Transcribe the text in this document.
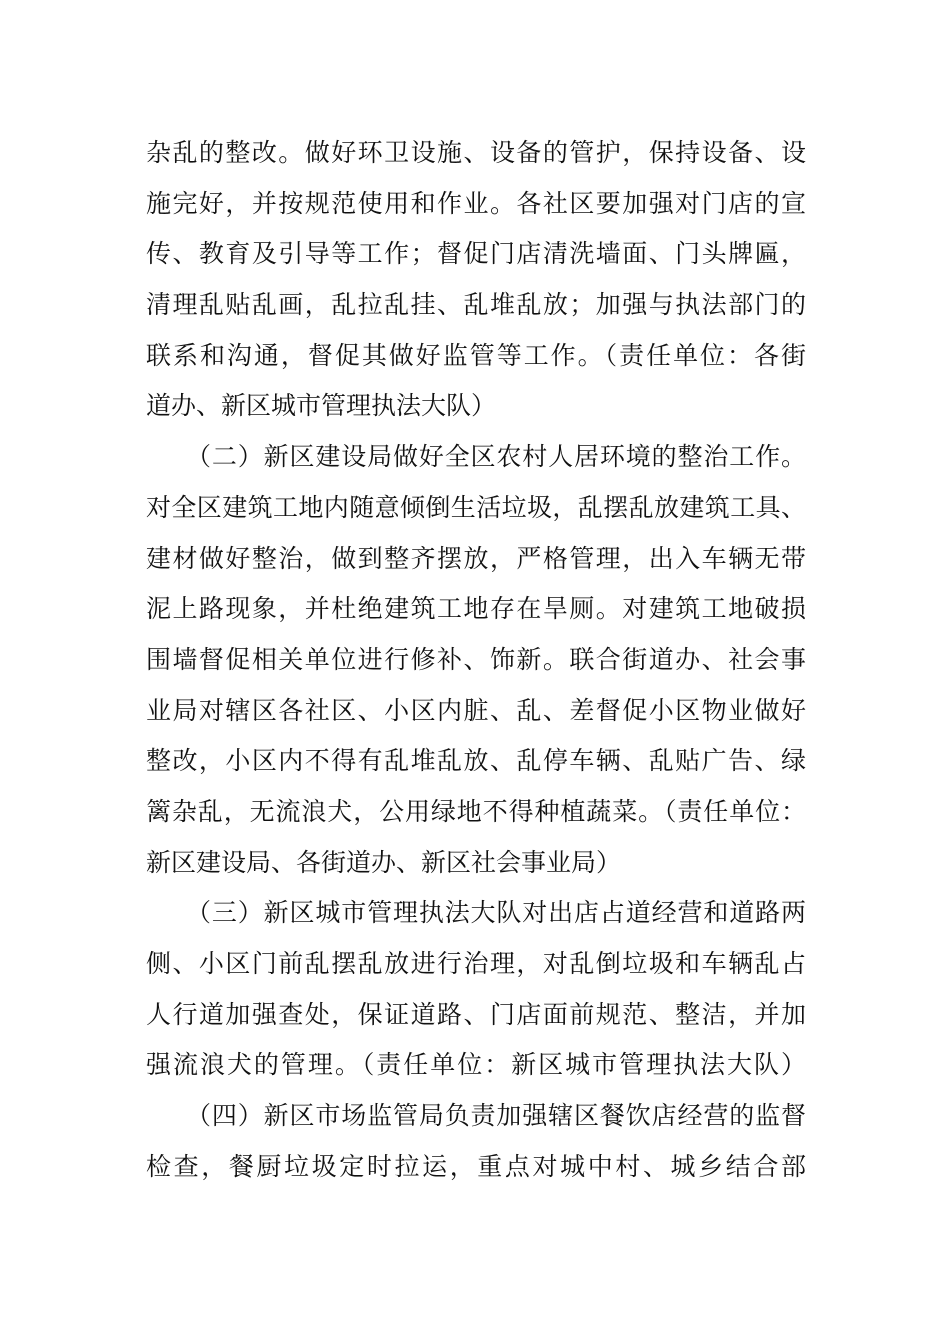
杂乱的整改。做好环卫设施、设备的管护，保持设备、设
施完好，并按规范使用和作业。各社区要加强对门店的宣
传、教育及引导等工作；督促门店清洗墙面、门头牌匾，
清理乱贴乱画，乱拉乱挂、乱堆乱放；加强与执法部门的
联系和沟通，督促其做好监管等工作。（责任单位：各街
道办、新区城市管理执法大队）
（二）新区建设局做好全区农村人居环境的整治工作。
对全区建筑工地内随意倾倒生活垃圾，乱摆乱放建筑工具、
建材做好整治，做到整齐摆放，严格管理，出入车辆无带
泥上路现象，并杜绝建筑工地存在旱厕。对建筑工地破损
围墙督促相关单位进行修补、饰新。联合街道办、社会事
业局对辖区各社区、小区内脏、乱、差督促小区物业做好
整改，小区内不得有乱堆乱放、乱停车辆、乱贴广告、绿
篱杂乱，无流浪犬，公用绿地不得种植蔬菜。（责任单位：
新区建设局、各街道办、新区社会事业局）
（三）新区城市管理执法大队对出店占道经营和道路两
侧、小区门前乱摆乱放进行治理，对乱倒垃圾和车辆乱占
人行道加强查处，保证道路、门店面前规范、整洁，并加
强流浪犬的管理。（责任单位：新区城市管理执法大队）
（四）新区市场监管局负责加强辖区餐饮店经营的监督
检查，餐厨垃圾定时拉运，重点对城中村、城乡结合部
